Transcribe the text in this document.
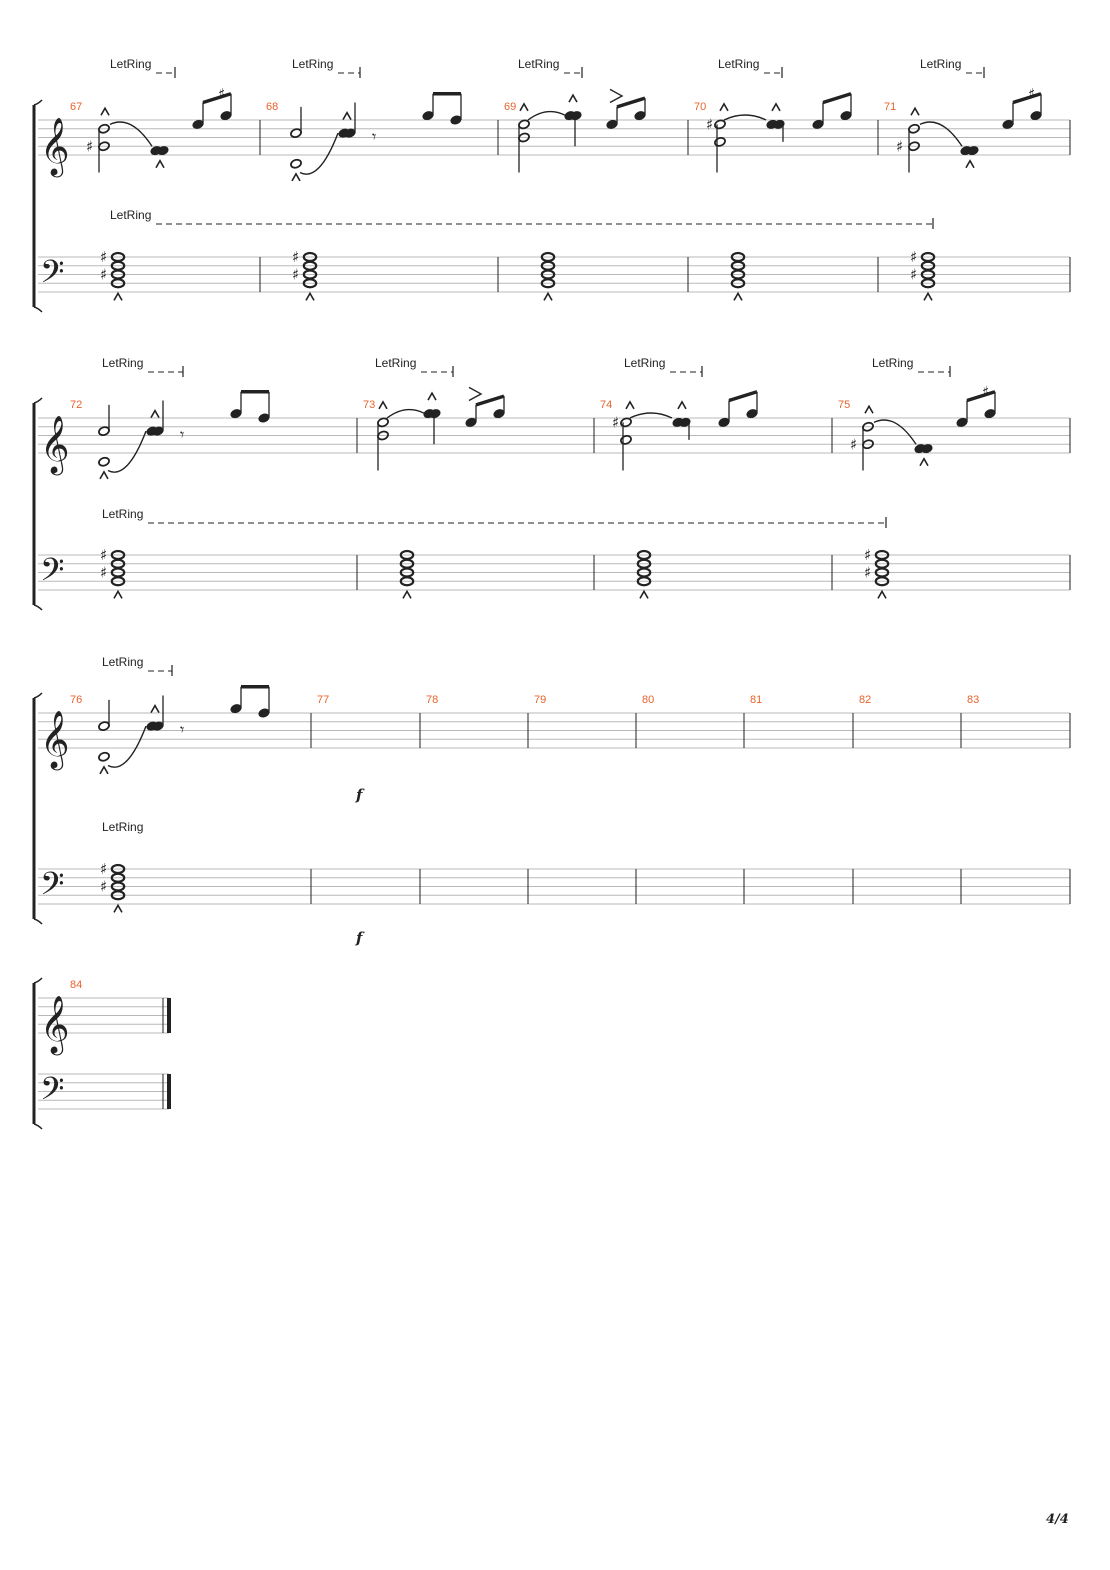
𝄞
𝄢
♯
♯
♯
♯
𝄾
♯
♯
♯
♯
♯
♯
♯
𝄞
𝄢
𝄾
♯
♯
♯
♯
♯
♯
♯
𝄞
𝄢
𝄾
♯
♯
𝄞
𝄢
67	68	69	70	71
LetRing	LetRing	LetRing	LetRing	LetRing
LetRing
72	73	74	75
LetRing	LetRing	LetRing	LetRing
LetRing
76	77	78	79	80	81	82	83
LetRing
LetRing
f
f
84
4/4
